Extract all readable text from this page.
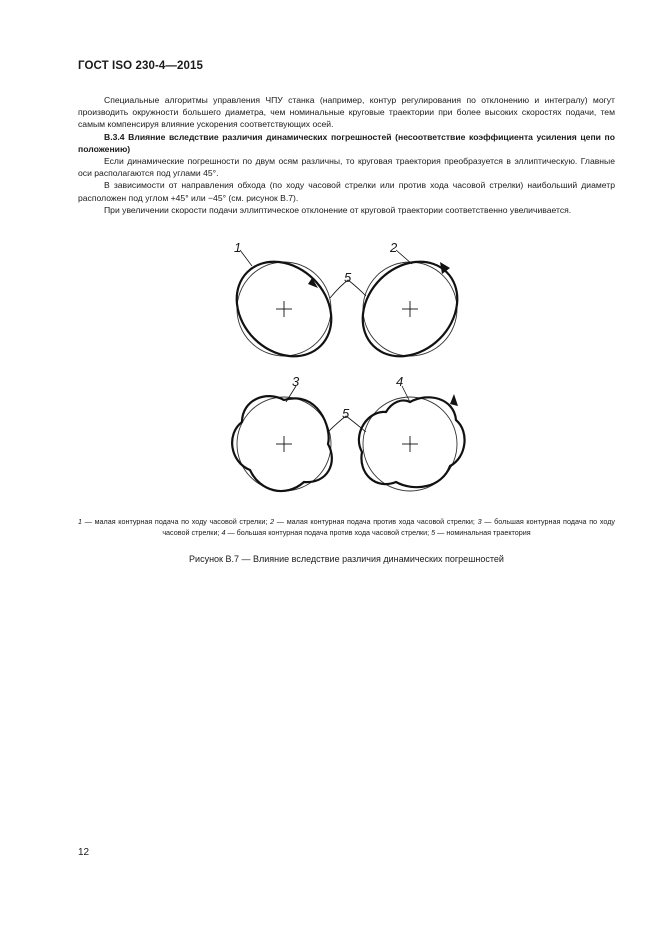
ГОСТ ISO 230-4—2015

Специальные алгоритмы управления ЧПУ станка (например, контур регулирования по отклонению и интегралу) могут производить окружности большего диаметра, чем номинальные круговые траектории при более высоких скоростях подачи, тем самым компенсируя влияние ускорения соответствующих осей.

B.3.4 Влияние вследствие различия динамических погрешностей (несоответствие коэффициента усиления цепи по положению)

Если динамические погрешности по двум осям различны, то круговая траектория преобразуется в эллиптическую. Главные оси располагаются под углами 45°.

В зависимости от направления обхода (по ходу часовой стрелки или против хода часовой стрелки) наибольший диаметр расположен под углом +45° или −45° (см. рисунок В.7).

При увеличении скорости подачи эллиптическое отклонение от круговой траектории соответственно увеличивается.

1	2
5
3	4
5
1 — малая контурная подача по ходу часовой стрелки; 2 — малая контурная подача против хода часовой стрелки; 3 — большая контурная подача по ходу часовой стрелки; 4 — большая контурная подача против хода часовой стрелки; 5 — номинальная траектория
Рисунок В.7 — Влияние вследствие различия динамических погрешностей
12
